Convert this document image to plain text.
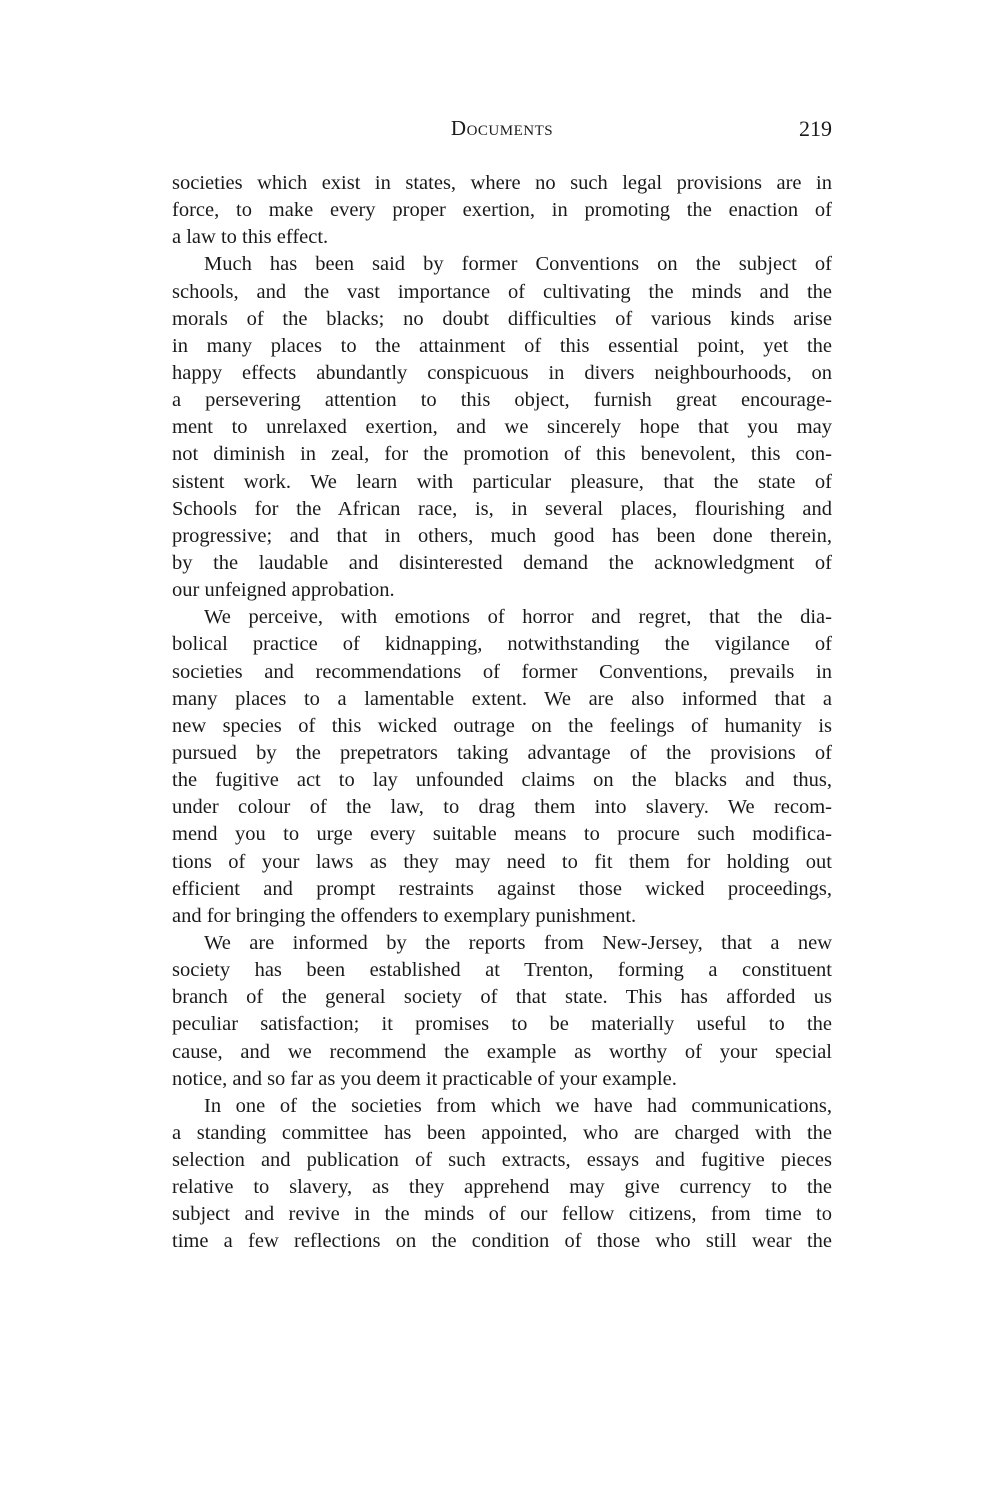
Documents	219
societies which exist in states, where no such legal provisions are in
force, to make every proper exertion, in promoting the enaction of
a law to this effect.
Much has been said by former Conventions on the subject of
schools, and the vast importance of cultivating the minds and the
morals of the blacks; no doubt difficulties of various kinds arise
in many places to the attainment of this essential point, yet the
happy effects abundantly conspicuous in divers neighbourhoods, on
a persevering attention to this object, furnish great encourage-
ment to unrelaxed exertion, and we sincerely hope that you may
not diminish in zeal, for the promotion of this benevolent, this con-
sistent work. We learn with particular pleasure, that the state of
Schools for the African race, is, in several places, flourishing and
progressive; and that in others, much good has been done therein,
by the laudable and disinterested demand the acknowledgment of
our unfeigned approbation.
We perceive, with emotions of horror and regret, that the dia-
bolical practice of kidnapping, notwithstanding the vigilance of
societies and recommendations of former Conventions, prevails in
many places to a lamentable extent. We are also informed that a
new species of this wicked outrage on the feelings of humanity is
pursued by the prepetrators taking advantage of the provisions of
the fugitive act to lay unfounded claims on the blacks and thus,
under colour of the law, to drag them into slavery. We recom-
mend you to urge every suitable means to procure such modifica-
tions of your laws as they may need to fit them for holding out
efficient and prompt restraints against those wicked proceedings,
and for bringing the offenders to exemplary punishment.
We are informed by the reports from New-Jersey, that a new
society has been established at Trenton, forming a constituent
branch of the general society of that state. This has afforded us
peculiar satisfaction; it promises to be materially useful to the
cause, and we recommend the example as worthy of your special
notice, and so far as you deem it practicable of your example.
In one of the societies from which we have had communications,
a standing committee has been appointed, who are charged with the
selection and publication of such extracts, essays and fugitive pieces
relative to slavery, as they apprehend may give currency to the
subject and revive in the minds of our fellow citizens, from time to
time a few reflections on the condition of those who still wear the
